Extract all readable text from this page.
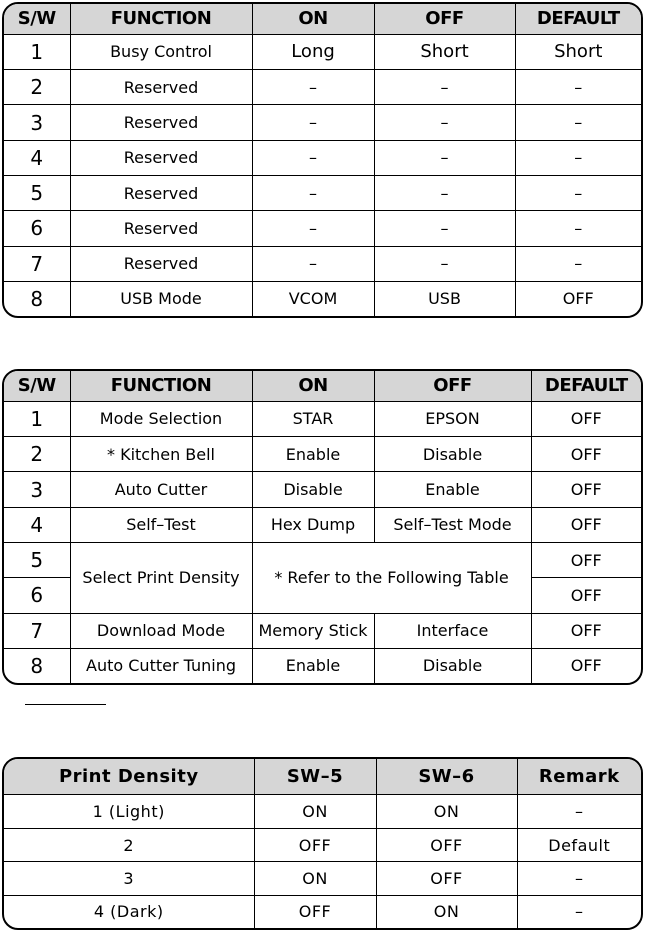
S/W	FUNCTION	ON	OFF	DEFAULT
1	Busy Control	Long	Short	Short
2	Reserved	–	–	–
3	Reserved	–	–	–
4	Reserved	–	–	–
5	Reserved	–	–	–
6	Reserved	–	–	–
7	Reserved	–	–	–
8	USB Mode	VCOM	USB	OFF
S/W	FUNCTION	ON	OFF	DEFAULT
1	Mode Selection	STAR	EPSON	OFF
2	* Kitchen Bell	Enable	Disable	OFF
3	Auto Cutter	Disable	Enable	OFF
4	Self–Test	Hex Dump	Self–Test Mode	OFF
5	Select Print Density	* Refer to the Following Table		OFF
6				OFF
7	Download Mode	Memory Stick	Interface	OFF
8	Auto Cutter Tuning	Enable	Disable	OFF
Print Density	SW–5	SW–6	Remark
1 (Light)	ON	ON	–
2	OFF	OFF	Default
3	ON	OFF	–
4 (Dark)	OFF	ON	–
